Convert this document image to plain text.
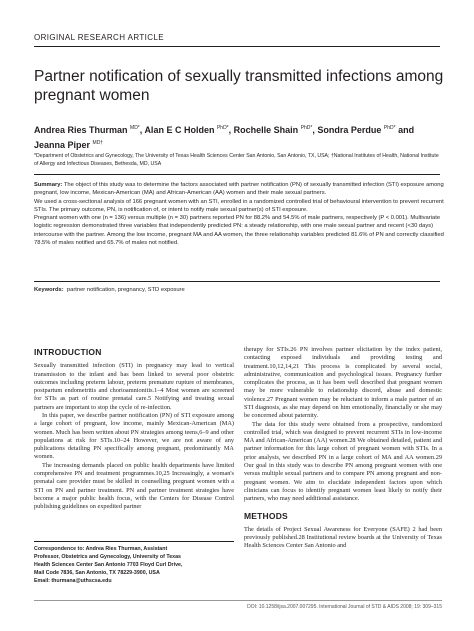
ORIGINAL RESEARCH ARTICLE
Partner notification of sexually transmitted infections among pregnant women
Andrea Ries Thurman $^{MD*}$, Alan E C Holden $^{PhD*}$, Rochelle Shain $^{PhD*}$, Sondra Perdue $^{PhD*}$ and Jeanna Piper $^{MD\dagger}$
*Department of Obstetrics and Gynecology, The University of Texas Health Sciences Center San Antonio, San Antonio, TX, USA; †National Institutes of Health, National Institute of Allergy and Infectious Diseases, Bethesda, MD, USA

Summary: The object of this study was to determine the factors associated with partner notification (PN) of sexually transmitted infection (STI) exposure among pregnant, low income, Mexican-American (MA) and African-American (AA) women and their male sexual partners.

We used a cross-sectional analysis of 166 pregnant women with an STI, enrolled in a randomized controlled trial of behavioural intervention to prevent recurrent STIs. The primary outcome, PN, is notification of, or intent to notify male sexual partner(s) of STI exposure.

Pregnant women with one (n = 136) versus multiple (n = 30) partners reported PN for 88.2% and 54.5% of male partners, respectively (P < 0.001). Multivariate logistic regression demonstrated three variables that independently predicted PN: a steady relationship, with one male sexual partner and recent (<30 days) intercourse with the partner. Among the low income, pregnant MA and AA women, the three relationship variables predicted 81.6% of PN and correctly classified 78.5% of males notified and 65.7% of males not notified.

Keywords: partner notification, pregnancy, STD exposure
INTRODUCTION

Sexually transmitted infection (STI) in pregnancy may lead to vertical transmission to the infant and has been linked to several poor obstetric outcomes including preterm labour, preterm premature rupture of membranes, postpartum endometritis and chorioamnionitis.1–4 Most women are screened for STIs as part of routine prenatal care.5 Notifying and treating sexual partners are important to stop the cycle of re-infection.

In this paper, we describe partner notification (PN) of STI exposure among a large cohort of pregnant, low income, mainly Mexican-American (MA) women. Much has been written about PN strategies among teens,6–9 and other populations at risk for STIs.10–24 However, we are not aware of any publications detailing PN specifically among pregnant, predominantly MA women.

The increasing demands placed on public health departments have limited comprehensive PN and treatment programmes.10,25 Increasingly, a woman's prenatal care provider must be skilled in counselling pregnant women with a STI on PN and partner treatment. PN and partner treatment strategies have become a major public health focus, with the Centers for Disease Control publishing guidelines on expedited partner

Correspondence to: Andrea Ries Thurman, Assistant
Professor, Obstetrics and Gynecology, University of Texas
Health Sciences Center San Antonio 7703 Floyd Curl Drive,
Mail Code 7836, San Antonio, TX 78229-3900, USA
Email: thurmana@uthscsa.edu

therapy for STIs.26 PN involves partner elicitation by the index patient, contacting exposed individuals and providing testing and treatment.10,12,14,21 This process is complicated by several social, administrative, communication and psychological issues. Pregnancy further complicates the process, as it has been well described that pregnant women may be more vulnerable to relationship discord, abuse and domestic violence.27 Pregnant women may be reluctant to inform a male partner of an STI diagnosis, as she may depend on him emotionally, financially or she may be concerned about paternity.

The data for this study were obtained from a prospective, randomized controlled trial, which was designed to prevent recurrent STIs in low-income MA and African-American (AA) women.28 We obtained detailed, patient and partner information for this large cohort of pregnant women with STIs. In a prior analysis, we described PN in a large cohort of MA and AA women.29 Our goal in this study was to describe PN among pregnant women with one versus multiple sexual partners and to compare PN among pregnant and non-pregnant women. We aim to elucidate independent factors upon which clinicians can focus to identify pregnant women least likely to notify their partners, who may need additional assistance.

METHODS

The details of Project Sexual Awareness for Everyone (SAFE) 2 had been previously published.28 Institutional review boards at the University of Texas Health Sciences Center San Antonio and

DOI: 10.1258/ijsa.2007.007295. International Journal of STD & AIDS 2008; 19: 309–315
